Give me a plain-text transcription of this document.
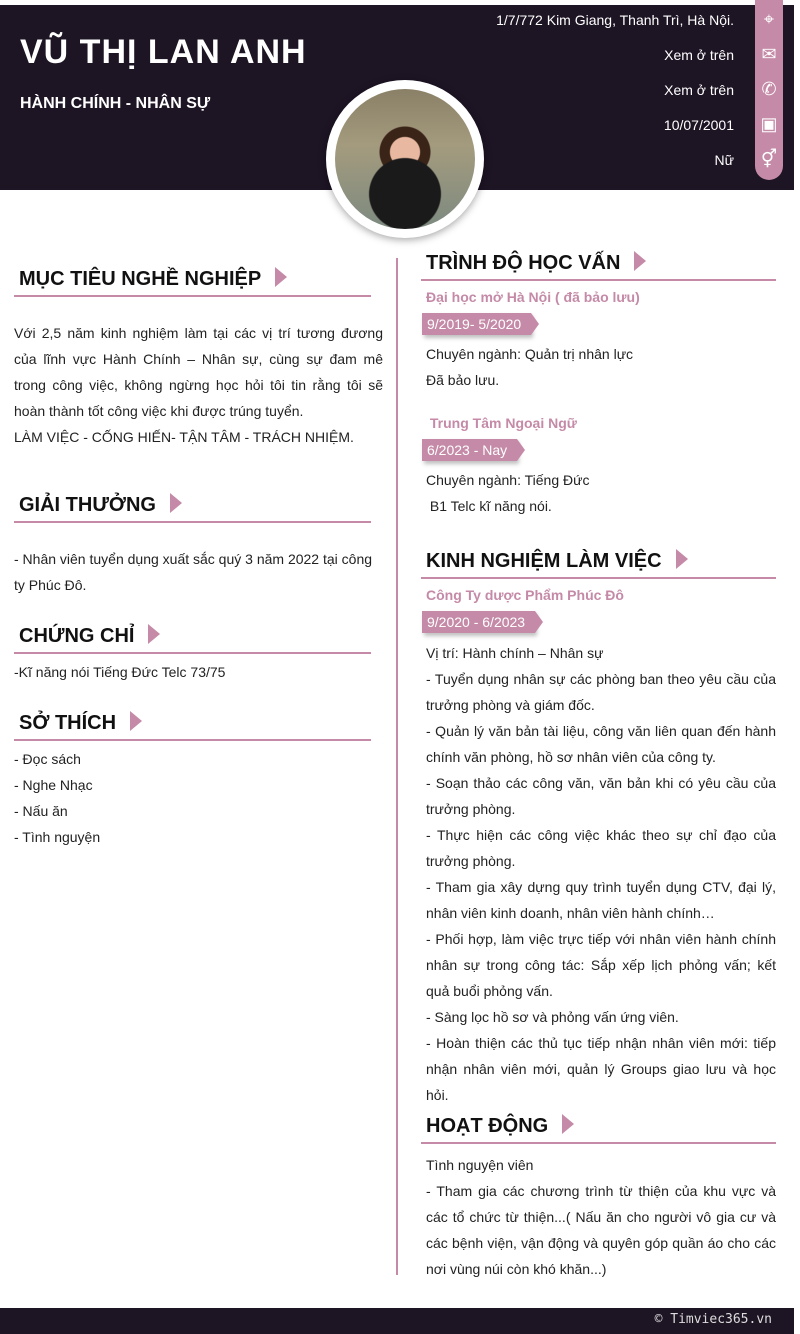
VŨ THỊ LAN ANH
HÀNH CHÍNH - NHÂN SỰ
1/7/772 Kim Giang, Thanh Trì, Hà Nội.
Xem ở trên
Xem ở trên
10/07/2001
Nữ
⌖
✉
✆
▣
⚥
MỤC TIÊU NGHỀ NGHIỆP
Với 2,5 năm kinh nghiệm làm tại các vị trí tương đương của lĩnh vực Hành Chính – Nhân sự, cùng sự đam mê trong công việc, không ngừng học hỏi tôi tin rằng tôi sẽ hoàn thành tốt công việc khi được trúng tuyển.
LÀM VIỆC - CỐNG HIẾN- TẬN TÂM - TRÁCH NHIỆM.
GIẢI THƯỞNG
- Nhân viên tuyển dụng xuất sắc quý 3 năm 2022 tại công ty Phúc Đô.
CHỨNG CHỈ
-Kĩ năng nói Tiếng Đức Telc 73/75
SỞ THÍCH
- Đọc sách
- Nghe Nhạc
- Nấu ăn
- Tình nguyện
TRÌNH ĐỘ HỌC VẤN
Đại học mở Hà Nội ( đã bảo lưu)
9/2019- 5/2020
Chuyên ngành: Quản trị nhân lực
Đã bảo lưu.
Trung Tâm Ngoại Ngữ
6/2023 - Nay
Chuyên ngành: Tiếng Đức
B1 Telc kĩ năng nói.
KINH NGHIỆM LÀM VIỆC
Công Ty dược Phẩm Phúc Đô
9/2020 - 6/2023
Vị trí: Hành chính – Nhân sự
- Tuyển dụng nhân sự các phòng ban theo yêu cầu của trưởng phòng và giám đốc.
- Quản lý văn bản tài liệu, công văn liên quan đến hành chính văn phòng, hồ sơ nhân viên của công ty.
- Soạn thảo các công văn, văn bản khi có yêu cầu của trưởng phòng.
- Thực hiện các công việc khác theo sự chỉ đạo của trưởng phòng.
- Tham gia xây dựng quy trình tuyển dụng CTV, đại lý, nhân viên kinh doanh, nhân viên hành chính…
- Phối hợp, làm việc trực tiếp với nhân viên hành chính nhân sự trong công tác: Sắp xếp lịch phỏng vấn; kết quả buổi phỏng vấn.
- Sàng lọc hồ sơ và phỏng vấn ứng viên.
- Hoàn thiện các thủ tục tiếp nhận nhân viên mới: tiếp nhận nhân viên mới, quản lý Groups giao lưu và học hỏi.
HOẠT ĐỘNG
Tình nguyện viên
- Tham gia các chương trình từ thiện của khu vực và các tổ chức từ thiện...( Nấu ăn cho người vô gia cư và các bệnh viện, vận động và quyên góp quần áo cho các nơi vùng núi còn khó khăn...)
© Timviec365.vn
